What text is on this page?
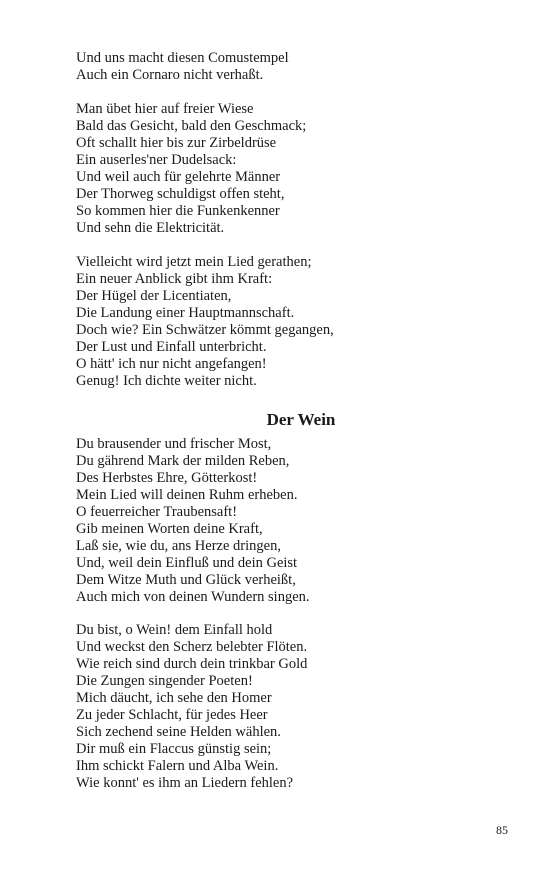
Und uns macht diesen Comustempel
Auch ein Cornaro nicht verhaßt.
Man übet hier auf freier Wiese
Bald das Gesicht, bald den Geschmack;
Oft schallt hier bis zur Zirbeldrüse
Ein auserles'ner Dudelsack:
Und weil auch für gelehrte Männer
Der Thorweg schuldigst offen steht,
So kommen hier die Funkenkenner
Und sehn die Elektricität.
Vielleicht wird jetzt mein Lied gerathen;
Ein neuer Anblick gibt ihm Kraft:
Der Hügel der Licentiaten,
Die Landung einer Hauptmannschaft.
Doch wie? Ein Schwätzer kömmt gegangen,
Der Lust und Einfall unterbricht.
O hätt' ich nur nicht angefangen!
Genug! Ich dichte weiter nicht.
Der Wein
Du brausender und frischer Most,
Du gährend Mark der milden Reben,
Des Herbstes Ehre, Götterkost!
Mein Lied will deinen Ruhm erheben.
O feuerreicher Traubensaft!
Gib meinen Worten deine Kraft,
Laß sie, wie du, ans Herze dringen,
Und, weil dein Einfluß und dein Geist
Dem Witze Muth und Glück verheißt,
Auch mich von deinen Wundern singen.
Du bist, o Wein! dem Einfall hold
Und weckst den Scherz belebter Flöten.
Wie reich sind durch dein trinkbar Gold
Die Zungen singender Poeten!
Mich däucht, ich sehe den Homer
Zu jeder Schlacht, für jedes Heer
Sich zechend seine Helden wählen.
Dir muß ein Flaccus günstig sein;
Ihm schickt Falern und Alba Wein.
Wie konnt' es ihm an Liedern fehlen?
85
